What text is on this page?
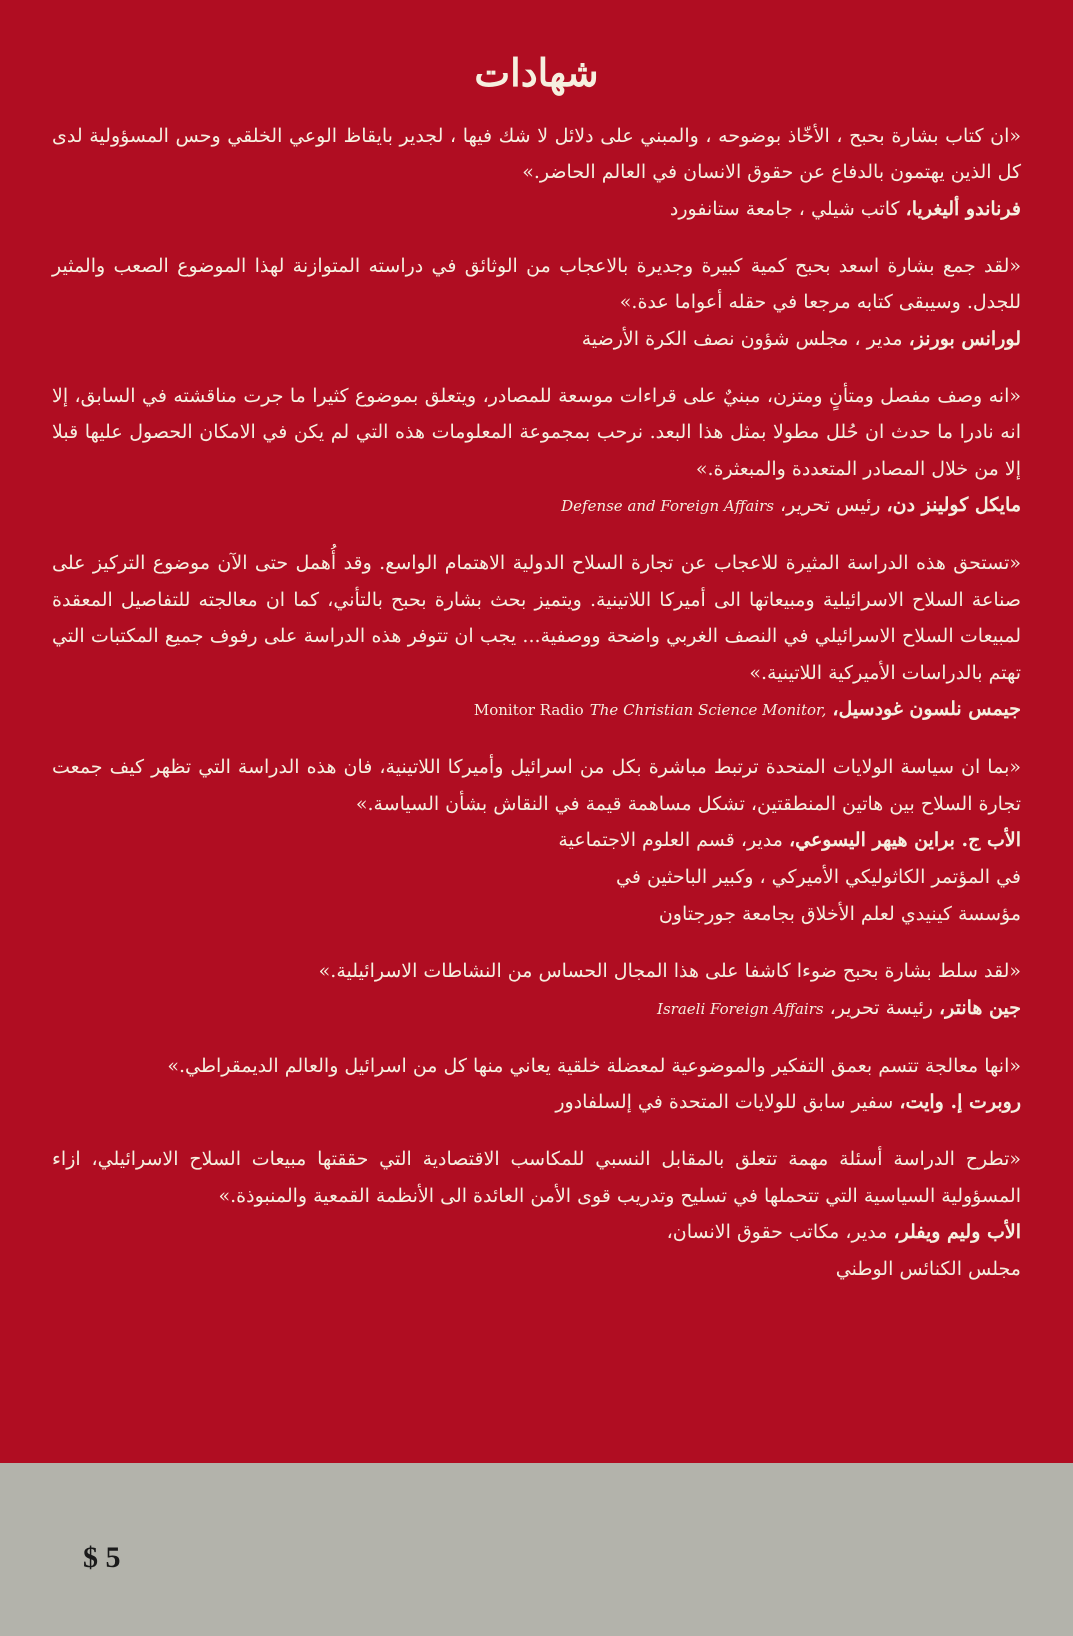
شهادات

«ان كتاب بشارة بحبح ، الأخّاذ بوضوحه ، والمبني على دلائل لا شك فيها ، لجدير بايقاظ الوعي الخلقي وحس المسؤولية لدى كل الذين يهتمون بالدفاع عن حقوق الانسان في العالم الحاضر.»

فرناندو أليغريا، كاتب شيلي ، جامعة ستانفورد

«لقد جمع بشارة اسعد بحبح كمية كبيرة وجديرة بالاعجاب من الوثائق في دراسته المتوازنة لهذا الموضوع الصعب والمثير للجدل. وسيبقى كتابه مرجعا في حقله أعواما عدة.»

لورانس بورنز، مدير ، مجلس شؤون نصف الكرة الأرضية

«انه وصف مفصل ومتأنٍ ومتزن، مبنيٌ على قراءات موسعة للمصادر، ويتعلق بموضوع كثيرا ما جرت مناقشته في السابق، إلا انه نادرا ما حدث ان حُلل مطولا بمثل هذا البعد. نرحب بمجموعة المعلومات هذه التي لم يكن في الامكان الحصول عليها قبلا إلا من خلال المصادر المتعددة والمبعثرة.»

مايكل كولينز دن، رئيس تحرير، Defense and Foreign Affairs

«تستحق هذه الدراسة المثيرة للاعجاب عن تجارة السلاح الدولية الاهتمام الواسع. وقد أُهمل حتى الآن موضوع التركيز على صناعة السلاح الاسرائيلية ومبيعاتها الى أميركا اللاتينية. ويتميز بحث بشارة بحبح بالتأني، كما ان معالجته للتفاصيل المعقدة لمبيعات السلاح الاسرائيلي في النصف الغربي واضحة ووصفية... يجب ان تتوفر هذه الدراسة على رفوف جميع المكتبات التي تهتم بالدراسات الأميركية اللاتينية.»

جيمس نلسون غودسيل، The Christian Science Monitor, Monitor Radio

«بما ان سياسة الولايات المتحدة ترتبط مباشرة بكل من اسرائيل وأميركا اللاتينية، فان هذه الدراسة التي تظهر كيف جمعت تجارة السلاح بين هاتين المنطقتين، تشكل مساهمة قيمة في النقاش بشأن السياسة.»

الأب ج. براين هيهر اليسوعي، مدير، قسم العلوم الاجتماعية
في المؤتمر الكاثوليكي الأميركي ، وكبير الباحثين في
مؤسسة كينيدي لعلم الأخلاق بجامعة جورجتاون

«لقد سلط بشارة بحبح ضوءا كاشفا على هذا المجال الحساس من النشاطات الاسرائيلية.»

جين هانتر، رئيسة تحرير، Israeli Foreign Affairs

«انها معالجة تتسم بعمق التفكير والموضوعية لمعضلة خلقية يعاني منها كل من اسرائيل والعالم الديمقراطي.»

روبرت إ. وايت، سفير سابق للولايات المتحدة في إلسلفادور

«تطرح الدراسة أسئلة مهمة تتعلق بالمقابل النسبي للمكاسب الاقتصادية التي حققتها مبيعات السلاح الاسرائيلي، ازاء المسؤولية السياسية التي تتحملها في تسليح وتدريب قوى الأمن العائدة الى الأنظمة القمعية والمنبوذة.»

الأب وليم ويفلر، مدير، مكاتب حقوق الانسان،
مجلس الكنائس الوطني

$ 5
